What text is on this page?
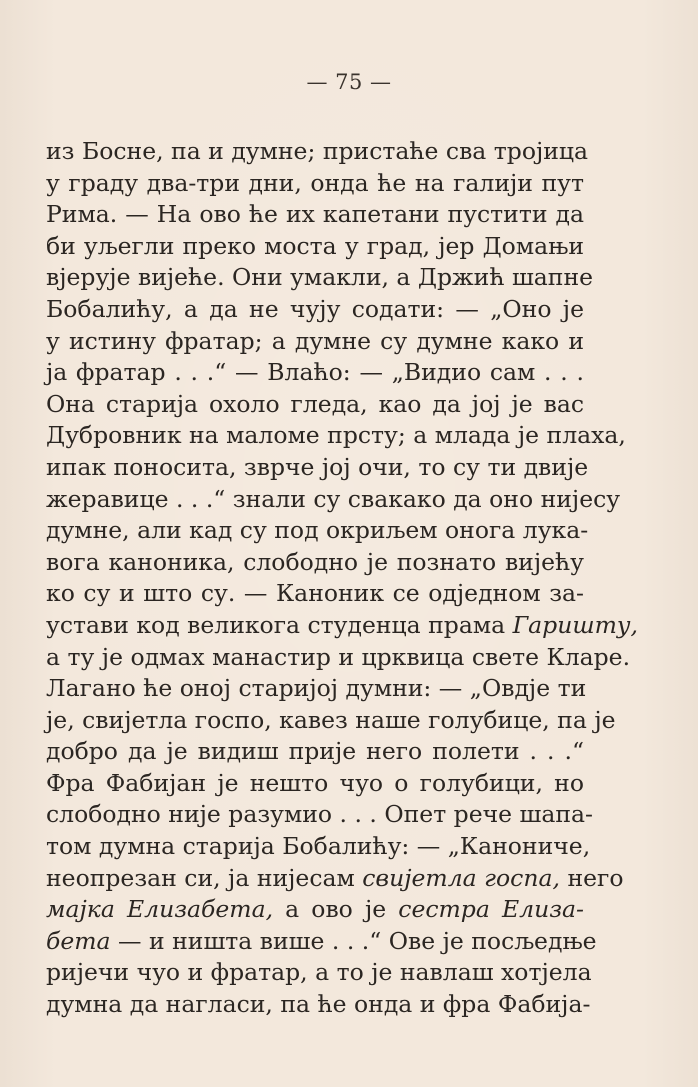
— 75 —
из Босне, па и думне; пристаће сва тројица
у граду два-три дни, онда ће на галији пут
Рима. — На ово ће их капетани пустити да
би уљегли преко моста у град, јер Домањи
вјерује вијеће. Они умакли, а Држић шапне
Бобалићу, а да не чују содати: — „Оно је
у истину фратар; а думне су думне како и
ја фратар . . .“ — Влаћо: — „Видио сам . . .
Она старија охоло гледа, као да јој је вас
Дубровник на маломе прсту; а млада је плаха,
ипак поносита, зврче јој очи, то су ти двије
жеравице . . .“ знали су свакако да оно нијесу
думне, али кад су под окриљем онога лука-
вога каноника, слободно је познато вијећу
ко су и што су. — Каноник се одједном за-
устави код великога студенца прама Гаришту,
а ту је одмах манастир и црквица свете Кларе.
Лагано ће оној старијој думни: — „Овдје ти
је, свијетла госпо, кавез наше голубице, па је
добро да је видиш прије него полети . . .“
Фра Фабијан је нешто чуо о голубици, но
слободно није разумио . . . Опет рече шапа-
том думна старија Бобалићу: — „Канониче,
неопрезан си, ја нијесам свијетла госпа, него
мајка Елизабета, а ово је сестра Елиза-
бета — и ништа више . . .“ Ове је посљедње
ријечи чуо и фратар, а то је навлаш хотјела
думна да нагласи, па ће онда и фра Фабија-
